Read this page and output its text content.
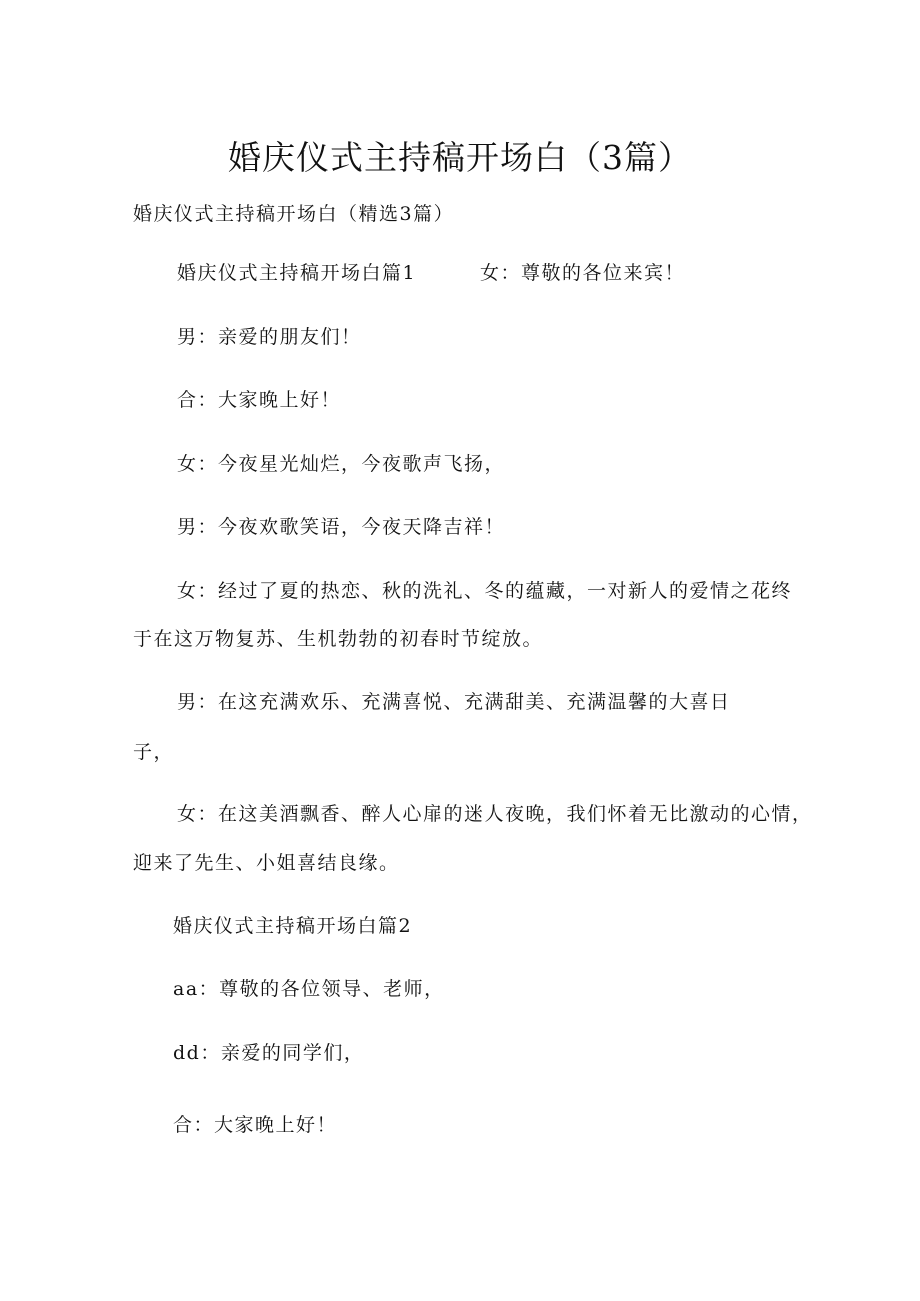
婚庆仪式主持稿开场白（3篇）
婚庆仪式主持稿开场白（精选3篇）
婚庆仪式主持稿开场白篇1	女：尊敬的各位来宾！
男：亲爱的朋友们！
合：大家晚上好！
女：今夜星光灿烂，今夜歌声飞扬，
男：今夜欢歌笑语，今夜天降吉祥！
女：经过了夏的热恋、秋的洗礼、冬的蕴藏，一对新人的爱情之花终
于在这万物复苏、生机勃勃的初春时节绽放。
男：在这充满欢乐、充满喜悦、充满甜美、充满温馨的大喜日
子，
女：在这美酒飘香、醉人心扉的迷人夜晚，我们怀着无比激动的心情，
迎来了先生、小姐喜结良缘。
婚庆仪式主持稿开场白篇2
aa：尊敬的各位领导、老师，
dd：亲爱的同学们，
合：大家晚上好！
